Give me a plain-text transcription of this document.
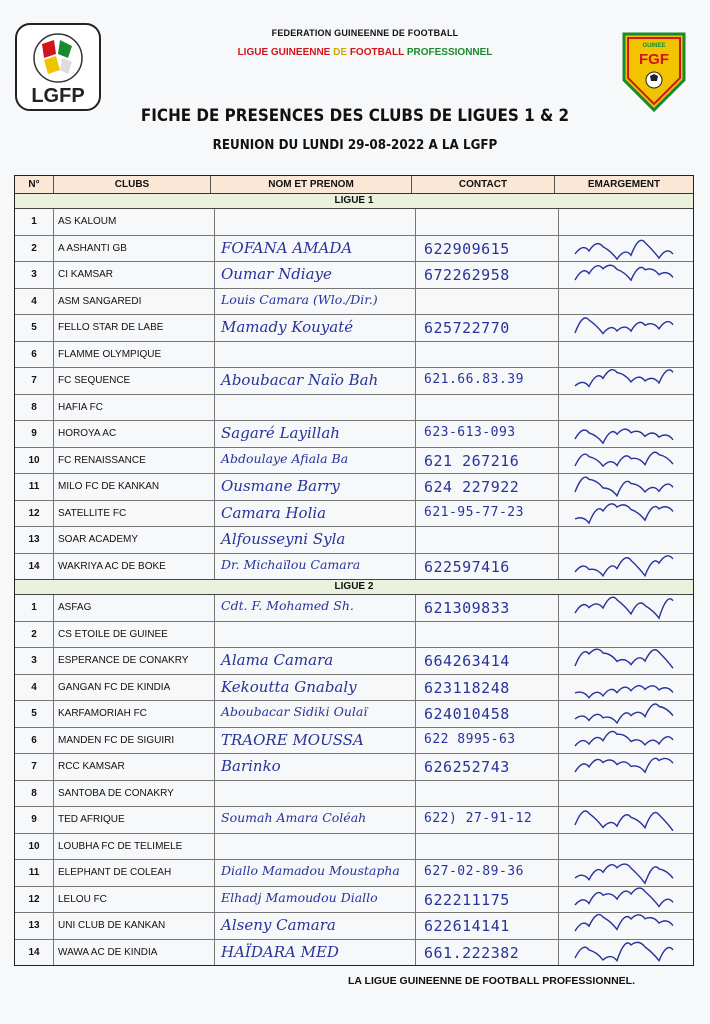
LGFP
FEDERATION GUINEENNE DE FOOTBALL
LIGUE GUINEENNE DE FOOTBALL PROFESSIONNEL
GUINEE
FGF
FICHE DE PRESENCES DES CLUBS DE LIGUES 1 & 2
REUNION DU LUNDI 29-08-2022 A LA LGFP
N°	CLUBS	NOM ET PRENOM	CONTACT	EMARGEMENT
LIGUE 1
1	AS KALOUM
2	A ASHANTI GB	FOFANA AMADA	622909615
3	CI KAMSAR	Oumar Ndiaye	672262958
4	ASM SANGAREDI	Louis Camara (Wlo./Dir.)
5	FELLO STAR DE LABE	Mamady Kouyaté	625722770
6	FLAMME OLYMPIQUE
7	FC SEQUENCE	Aboubacar Naïo Bah	621.66.83.39
8	HAFIA FC
9	HOROYA AC	Sagaré Layillah	623-613-093
10	FC RENAISSANCE	Abdoulaye Afiala Ba	621 267216
11	MILO FC DE KANKAN	Ousmane Barry	624 227922
12	SATELLITE FC	Camara Holia	621-95-77-23
13	SOAR ACADEMY	Alfousseyni Syla
14	WAKRIYA AC DE BOKE	Dr. Michaïlou Camara	622597416
LIGUE 2
1	ASFAG	Cdt. F. Mohamed Sh.	621309833
2	CS ETOILE DE GUINEE
3	ESPERANCE DE CONAKRY	Alama Camara	664263414
4	GANGAN FC DE KINDIA	Kekoutta Gnabaly	623118248
5	KARFAMORIAH FC	Aboubacar Sidiki Oulaï	624010458
6	MANDEN FC DE SIGUIRI	TRAORE MOUSSA	622 8995-63
7	RCC KAMSAR	Barinko	626252743
8	SANTOBA DE CONAKRY
9	TED AFRIQUE	Soumah Amara Coléah	622) 27-91-12
10	LOUBHA FC DE TELIMELE
11	ELEPHANT DE COLEAH	Diallo Mamadou Moustapha 627-02-89-36
12	LELOU FC	Elhadj Mamoudou Diallo	622211175
13	UNI CLUB DE KANKAN	Alseny Camara	622614141
14	WAWA AC DE KINDIA	HAÏDARA MED	661.222382
LA LIGUE GUINEENNE DE FOOTBALL PROFESSIONNEL.
